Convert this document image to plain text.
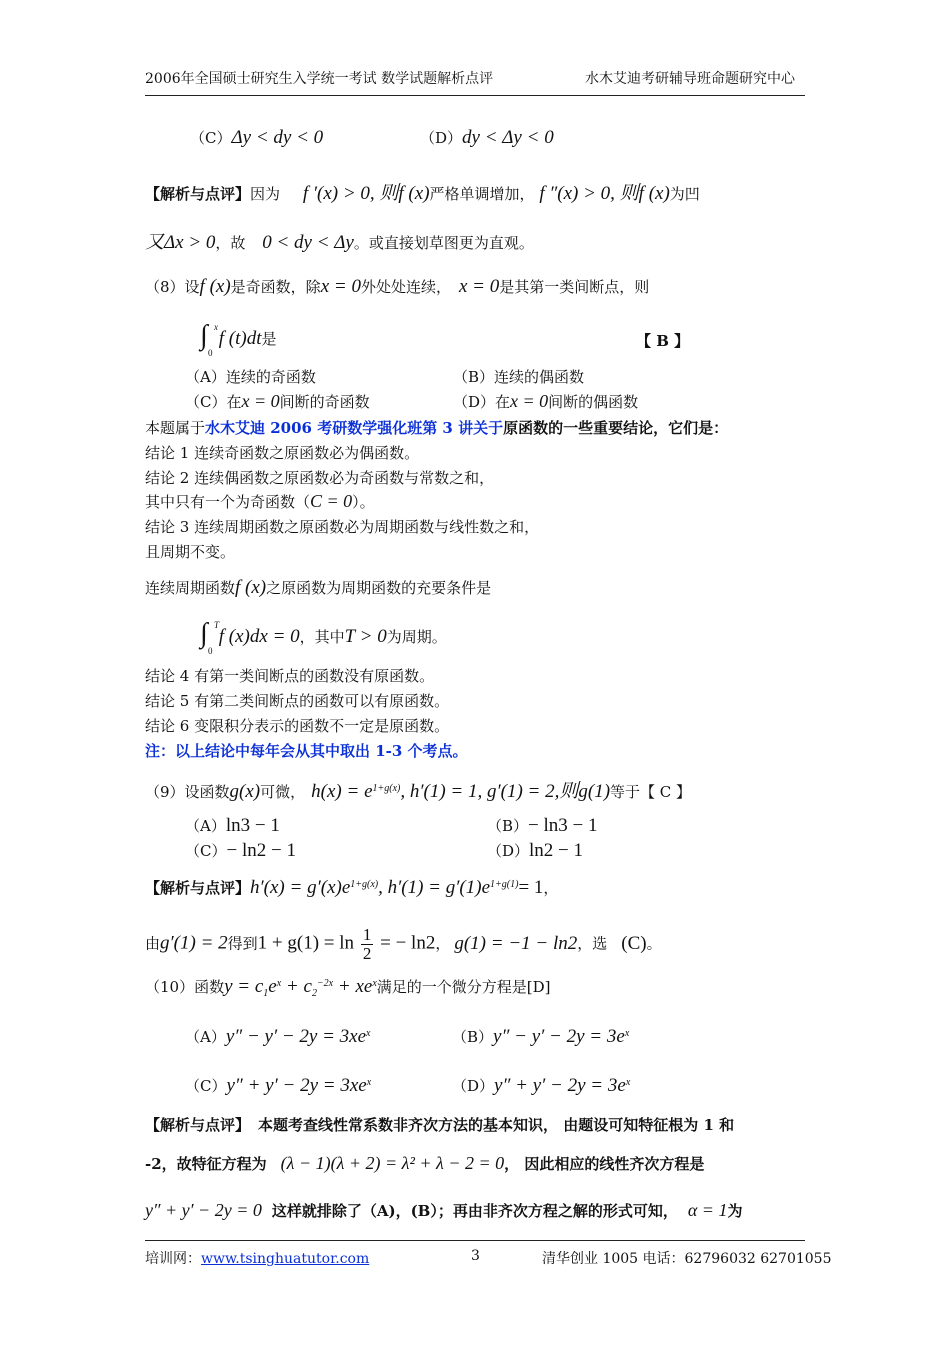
2006年全国硕士研究生入学统一考试 数学试题解析点评	水木艾迪考研辅导班命题研究中心
（C）Δy < dy < 0	（D）dy < Δy < 0
【解析与点评】因为 f ′(x) > 0, 则f (x)严格单调增加， f ″(x) > 0, 则f (x)为凹
又Δx > 0，故 0 < dy < Δy。或直接划草图更为直观。
（8）设f (x)是奇函数，除x = 0外处处连续， x = 0是其第一类间断点，则
∫ x
0
f (t)dt是	【 B 】
（A）连续的奇函数	（B）连续的偶函数
（C）在x = 0间断的奇函数	（D）在x = 0间断的偶函数
本题属于水木艾迪 2006 考研数学强化班第 3 讲关于原函数的一些重要结论，它们是：
结论 1 连续奇函数之原函数必为偶函数。
结论 2 连续偶函数之原函数必为奇函数与常数之和，
其中只有一个为奇函数（C = 0）。
结论 3 连续周期函数之原函数必为周期函数与线性数之和，
且周期不变。
连续周期函数f (x)之原函数为周期函数的充要条件是
∫ T
0
f (x)dx = 0，其中T > 0为周期。
结论 4 有第一类间断点的函数没有原函数。
结论 5 有第二类间断点的函数可以有原函数。
结论 6 变限积分表示的函数不一定是原函数。
注：以上结论中每年会从其中取出 1-3 个考点。
（9）设函数g(x)可微， $h(x) = e^{1+g(x)}$, h′(1) = 1, g′(1) = 2,则g(1)等于【 C 】
（A）ln3 − 1	（B）− ln3 − 1
（C）− ln2 − 1	（D）ln2 − 1
【解析与点评】$h'(x) = g'(x)e^{1+g(x)}$, $h'(1) = g'(1)e^{1+g(1)}= 1$，
由g′(1) = 2得到$1 + g(1) = \ln \frac{1}{2}$ = − ln2， g(1) = −1 − ln2，选 (C)。
（10）函数$y = c_1e^x + c_2^{-2x} + xe^x$满足的一个微分方程是[D]
$(A)y'' - y' - 2y = 3xe^x$	$(B)y'' - y' - 2y = 3e^x$
$(C)y'' + y' - 2y = 3xe^x$	$(D)y'' + y' - 2y = 3e^x$
【解析与点评】 本题考查线性常系数非齐次方法的基本知识， 由题设可知特征根为 1 和
-2，故特征方程为 (λ − 1)(λ + 2) = λ² + λ − 2 = 0， 因此相应的线性齐次方程是
y″ + y′ − 2y = 0 这样就排除了（A)，(B）；再由非齐次方程之解的形式可知， α = 1为
培训网：www.tsinghuatutor.com	3	清华创业 1005 电话：62796032 62701055
